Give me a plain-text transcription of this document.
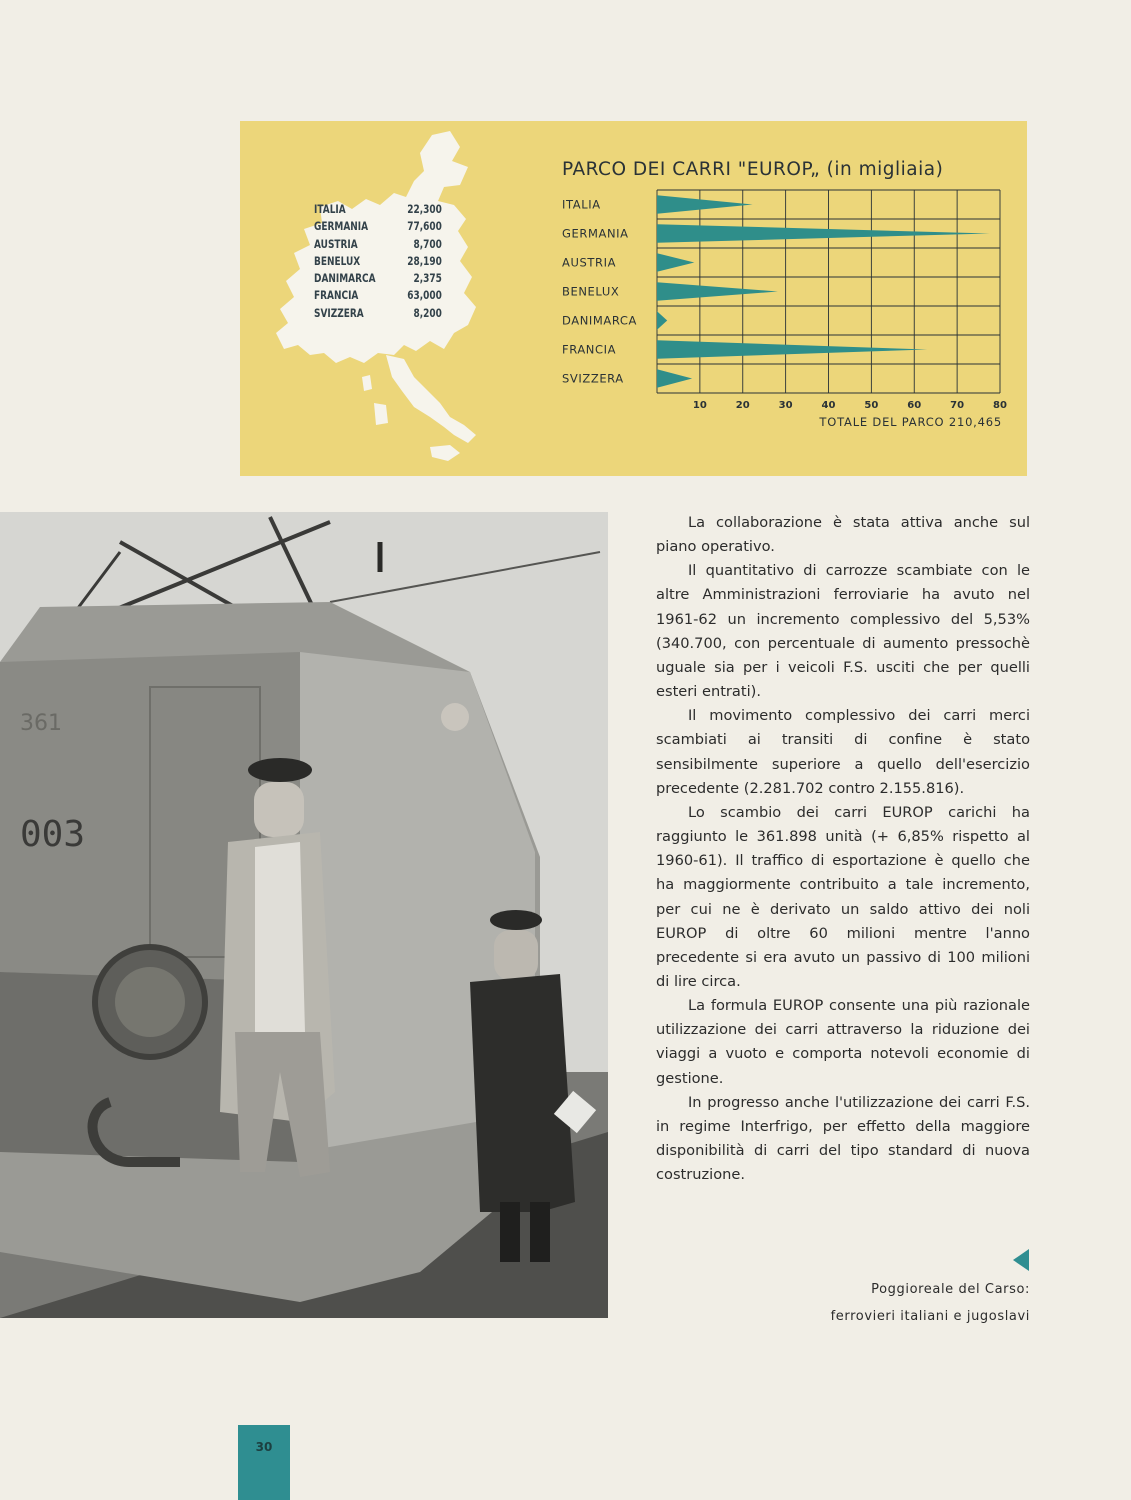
ITALIA	22,300
GERMANIA	77,600
AUSTRIA	8,700
BENELUX	28,190
DANIMARCA	2,375
FRANCIA	63,000
SVIZZERA	8,200
PARCO DEI CARRI "EUROP„ (in migliaia)
ITALIA
GERMANIA
AUSTRIA
BENELUX
DANIMARCA
FRANCIA
SVIZZERA
10	20	30	40	50	60	70	80
TOTALE DEL PARCO 210,465
361
003

La collaborazione è stata attiva anche sul piano operativo.

Il quantitativo di carrozze scambiate con le altre Amministrazioni ferroviarie ha avuto nel 1961-62 un incremento complessivo del 5,53% (340.700, con percentuale di aumento pressochè uguale sia per i veicoli F.S. usciti che per quelli esteri entrati).

Il movimento complessivo dei carri merci scambiati ai transiti di confine è stato sensibilmente superiore a quello dell'esercizio precedente (2.281.702 contro 2.155.816).

Lo scambio dei carri EUROP carichi ha raggiunto le 361.898 unità (+ 6,85% rispetto al 1960-61). Il traffico di esportazione è quello che ha maggiormente contribuito a tale incremento, per cui ne è derivato un saldo attivo dei noli EUROP di oltre 60 milioni mentre l'anno precedente si era avuto un passivo di 100 milioni di lire circa.

La formula EUROP consente una più razionale utilizzazione dei carri attraverso la riduzione dei viaggi a vuoto e comporta notevoli economie di gestione.

In progresso anche l'utilizzazione dei carri F.S. in regime Interfrigo, per effetto della maggiore disponibilità di carri del tipo standard di nuova costruzione.

Poggioreale del Carso:
ferrovieri italiani e jugoslavi
30
